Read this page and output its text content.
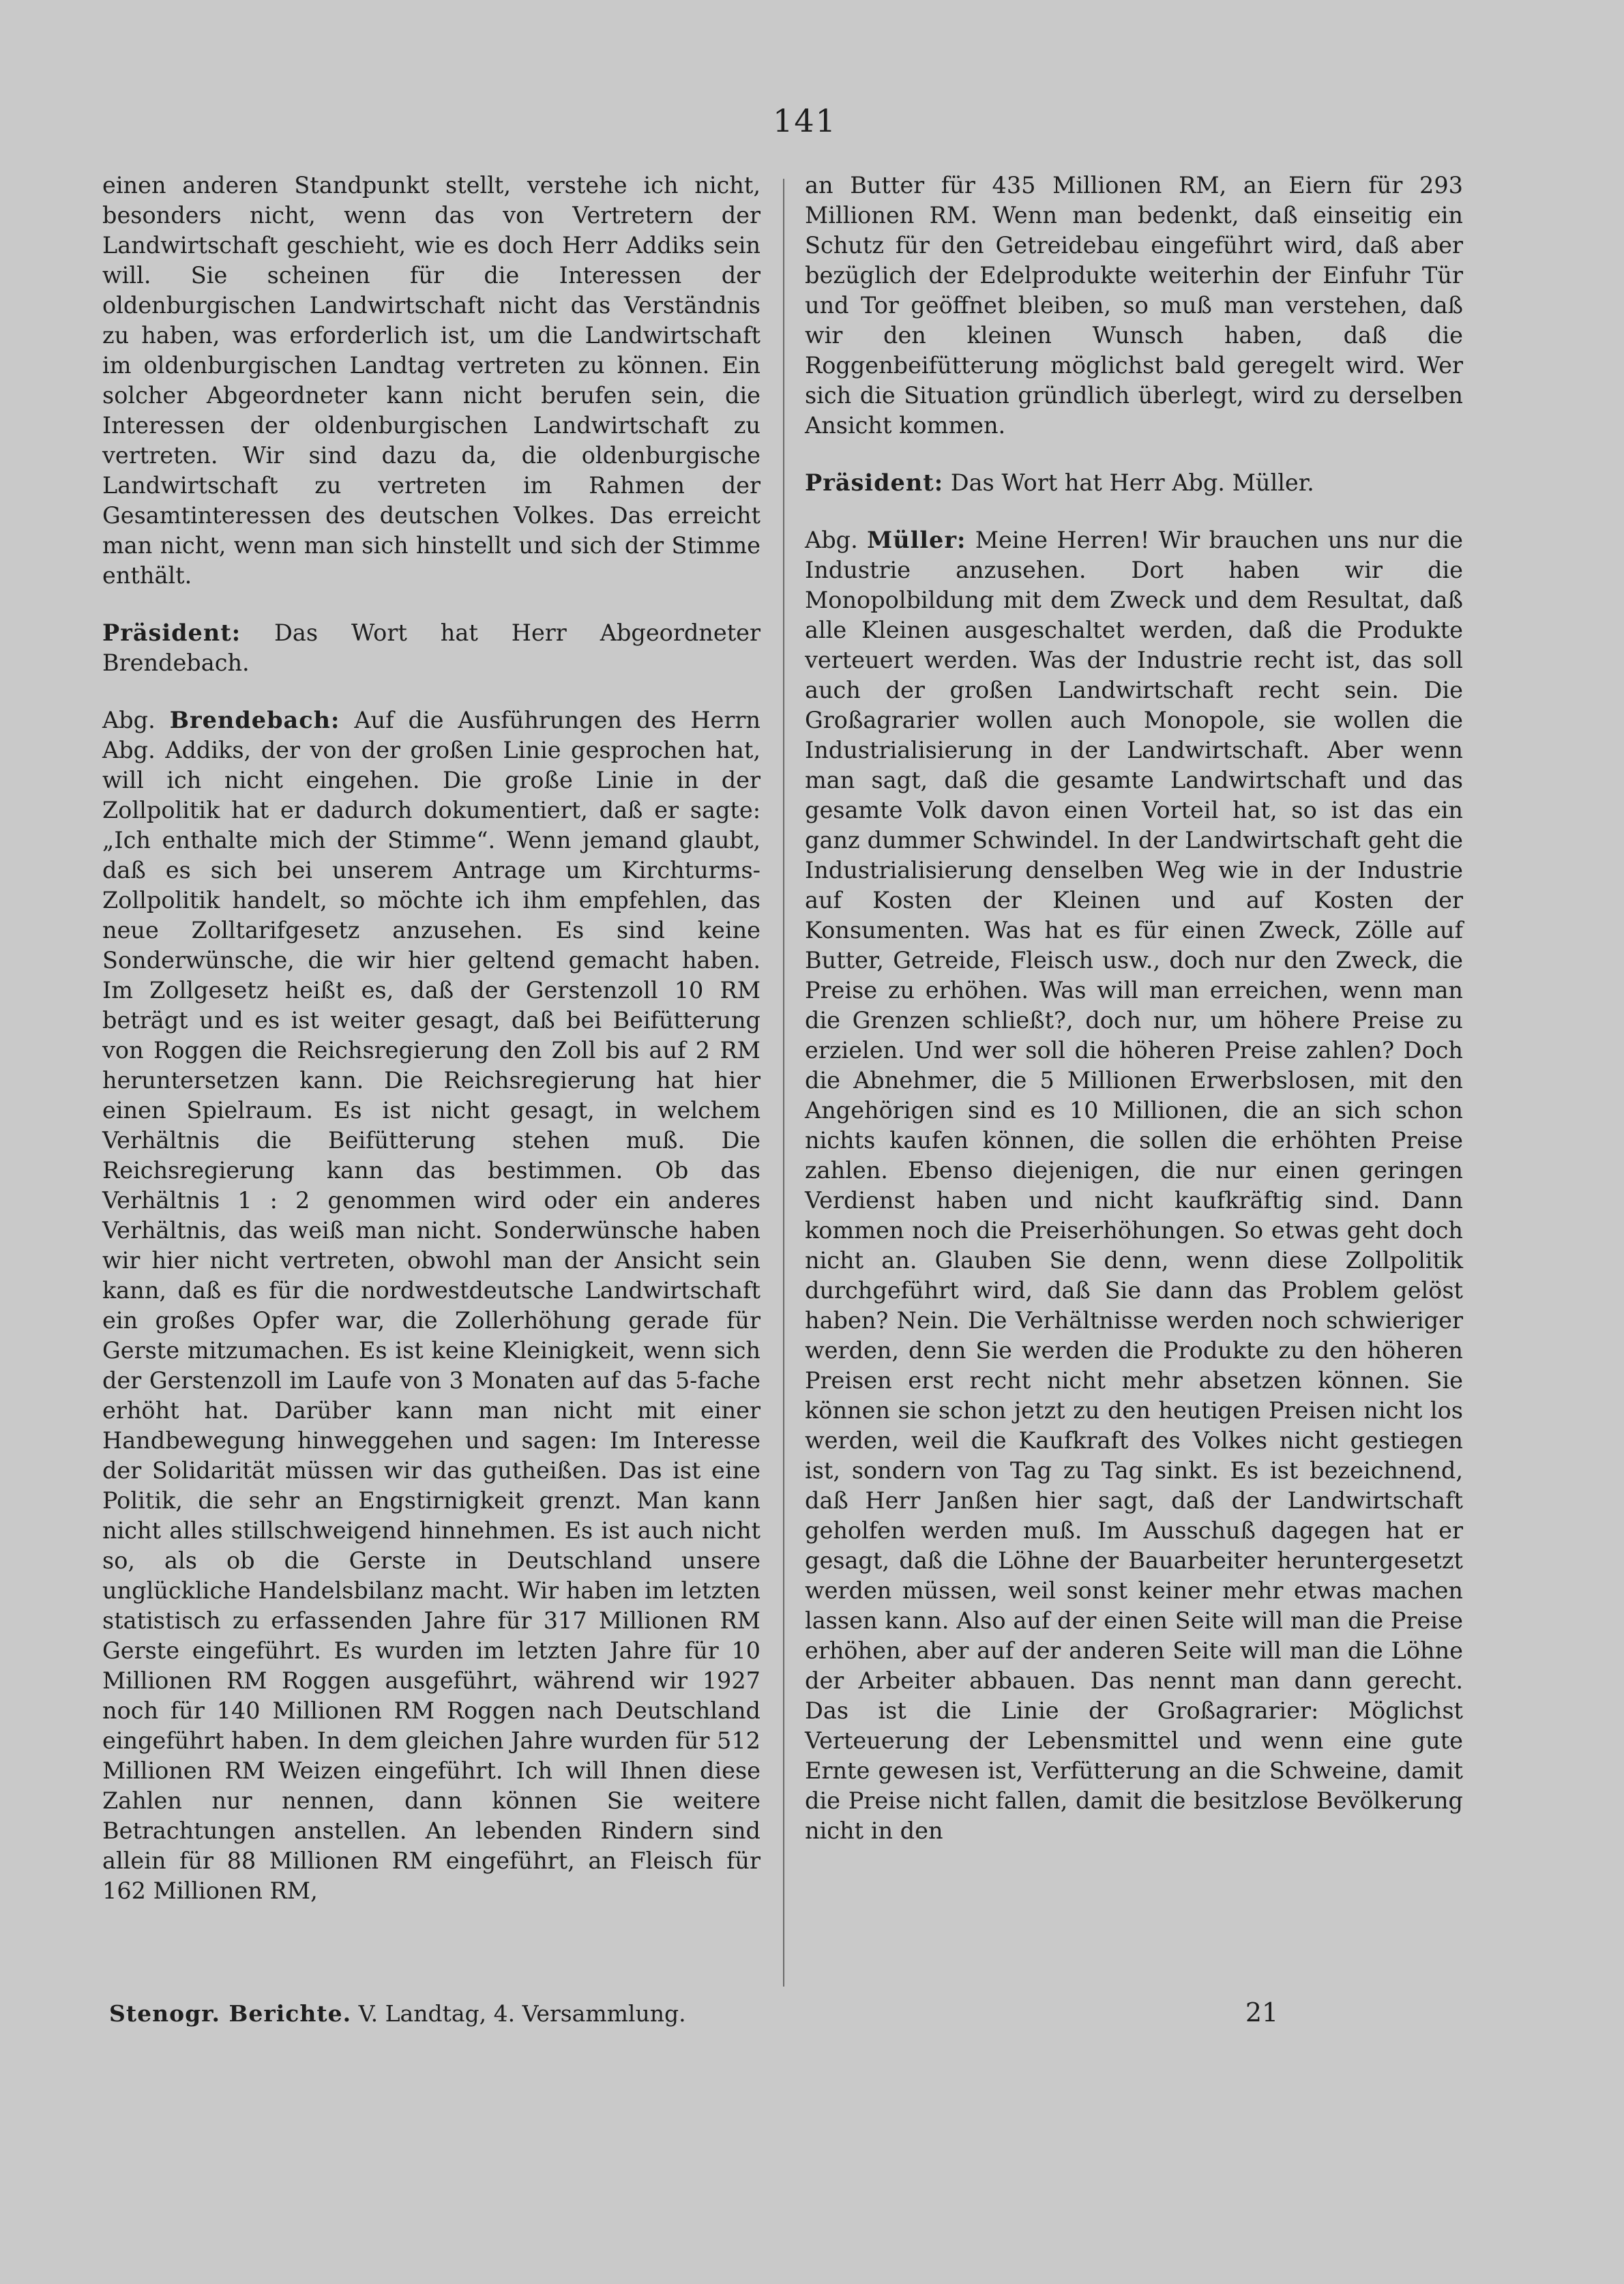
141

einen anderen Standpunkt stellt, verstehe ich nicht, besonders nicht, wenn das von Vertretern der Landwirtschaft geschieht, wie es doch Herr Addiks sein will. Sie scheinen für die Interessen der oldenburgischen Landwirtschaft nicht das Verständnis zu haben, was erforderlich ist, um die Landwirtschaft im oldenburgischen Landtag vertreten zu können. Ein solcher Abgeordneter kann nicht berufen sein, die Interessen der oldenburgischen Landwirtschaft zu vertreten. Wir sind dazu da, die oldenburgische Landwirtschaft zu vertreten im Rahmen der Gesamtinteressen des deutschen Volkes. Das erreicht man nicht, wenn man sich hinstellt und sich der Stimme enthält.

Präsident: Das Wort hat Herr Abgeordneter Brendebach.

Abg. Brendebach: Auf die Ausführungen des Herrn Abg. Addiks, der von der großen Linie gesprochen hat, will ich nicht eingehen. Die große Linie in der Zollpolitik hat er dadurch dokumentiert, daß er sagte: „Ich enthalte mich der Stimme“. Wenn jemand glaubt, daß es sich bei unserem Antrage um Kirchturms-Zollpolitik handelt, so möchte ich ihm empfehlen, das neue Zolltarifgesetz anzusehen. Es sind keine Sonderwünsche, die wir hier geltend gemacht haben. Im Zollgesetz heißt es, daß der Gerstenzoll 10 RM beträgt und es ist weiter gesagt, daß bei Beifütterung von Roggen die Reichsregierung den Zoll bis auf 2 RM heruntersetzen kann. Die Reichsregierung hat hier einen Spielraum. Es ist nicht gesagt, in welchem Verhältnis die Beifütterung stehen muß. Die Reichsregierung kann das bestimmen. Ob das Verhältnis 1 : 2 genommen wird oder ein anderes Verhältnis, das weiß man nicht. Sonderwünsche haben wir hier nicht vertreten, obwohl man der Ansicht sein kann, daß es für die nordwestdeutsche Landwirtschaft ein großes Opfer war, die Zollerhöhung gerade für Gerste mitzumachen. Es ist keine Kleinigkeit, wenn sich der Gerstenzoll im Laufe von 3 Monaten auf das 5-fache erhöht hat. Darüber kann man nicht mit einer Handbewegung hinweggehen und sagen: Im Interesse der Solidarität müssen wir das gutheißen. Das ist eine Politik, die sehr an Engstirnigkeit grenzt. Man kann nicht alles stillschweigend hinnehmen. Es ist auch nicht so, als ob die Gerste in Deutschland unsere unglückliche Handelsbilanz macht. Wir haben im letzten statistisch zu erfassenden Jahre für 317 Millionen RM Gerste eingeführt. Es wurden im letzten Jahre für 10 Millionen RM Roggen ausgeführt, während wir 1927 noch für 140 Millionen RM Roggen nach Deutschland eingeführt haben. In dem gleichen Jahre wurden für 512 Millionen RM Weizen eingeführt. Ich will Ihnen diese Zahlen nur nennen, dann können Sie weitere Betrachtungen anstellen. An lebenden Rindern sind allein für 88 Millionen RM eingeführt, an Fleisch für 162 Millionen RM,

an Butter für 435 Millionen RM, an Eiern für 293 Millionen RM. Wenn man bedenkt, daß einseitig ein Schutz für den Getreidebau eingeführt wird, daß aber bezüglich der Edelprodukte weiterhin der Einfuhr Tür und Tor geöffnet bleiben, so muß man verstehen, daß wir den kleinen Wunsch haben, daß die Roggenbeifütterung möglichst bald geregelt wird. Wer sich die Situation gründlich überlegt, wird zu derselben Ansicht kommen.

Präsident: Das Wort hat Herr Abg. Müller.

Abg. Müller: Meine Herren! Wir brauchen uns nur die Industrie anzusehen. Dort haben wir die Monopolbildung mit dem Zweck und dem Resultat, daß alle Kleinen ausgeschaltet werden, daß die Produkte verteuert werden. Was der Industrie recht ist, das soll auch der großen Landwirtschaft recht sein. Die Großagrarier wollen auch Monopole, sie wollen die Industrialisierung in der Landwirtschaft. Aber wenn man sagt, daß die gesamte Landwirtschaft und das gesamte Volk davon einen Vorteil hat, so ist das ein ganz dummer Schwindel. In der Landwirtschaft geht die Industrialisierung denselben Weg wie in der Industrie auf Kosten der Kleinen und auf Kosten der Konsumenten. Was hat es für einen Zweck, Zölle auf Butter, Getreide, Fleisch usw., doch nur den Zweck, die Preise zu erhöhen. Was will man erreichen, wenn man die Grenzen schließt?, doch nur, um höhere Preise zu erzielen. Und wer soll die höheren Preise zahlen? Doch die Abnehmer, die 5 Millionen Erwerbslosen, mit den Angehörigen sind es 10 Millionen, die an sich schon nichts kaufen können, die sollen die erhöhten Preise zahlen. Ebenso diejenigen, die nur einen geringen Verdienst haben und nicht kaufkräftig sind. Dann kommen noch die Preiserhöhungen. So etwas geht doch nicht an. Glauben Sie denn, wenn diese Zollpolitik durchgeführt wird, daß Sie dann das Problem gelöst haben? Nein. Die Verhältnisse werden noch schwieriger werden, denn Sie werden die Produkte zu den höheren Preisen erst recht nicht mehr absetzen können. Sie können sie schon jetzt zu den heutigen Preisen nicht los werden, weil die Kaufkraft des Volkes nicht gestiegen ist, sondern von Tag zu Tag sinkt. Es ist bezeichnend, daß Herr Janßen hier sagt, daß der Landwirtschaft geholfen werden muß. Im Ausschuß dagegen hat er gesagt, daß die Löhne der Bauarbeiter heruntergesetzt werden müssen, weil sonst keiner mehr etwas machen lassen kann. Also auf der einen Seite will man die Preise erhöhen, aber auf der anderen Seite will man die Löhne der Arbeiter abbauen. Das nennt man dann gerecht. Das ist die Linie der Großagrarier: Möglichst Verteuerung der Lebensmittel und wenn eine gute Ernte gewesen ist, Verfütterung an die Schweine, damit die Preise nicht fallen, damit die besitzlose Bevölkerung nicht in den

Stenogr. Berichte. V. Landtag, 4. Versammlung.	21
